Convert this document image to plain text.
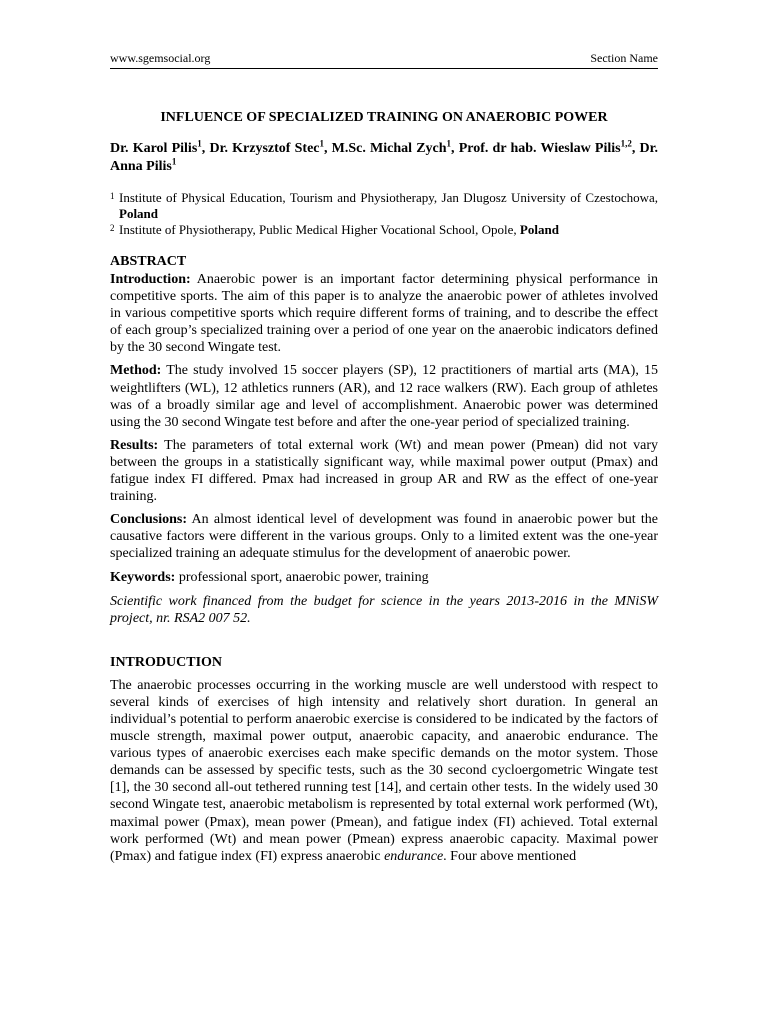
www.sgemsocial.org	Section Name
INFLUENCE OF SPECIALIZED TRAINING ON ANAEROBIC POWER
Dr. Karol Pilis$^1$, Dr. Krzysztof Stec$^1$, M.Sc. Michal Zych$^1$, Prof. dr hab. Wieslaw Pilis$^{1,2}$, Dr. Anna Pilis$^1$
1 Institute of Physical Education, Tourism and Physiotherapy, Jan Dlugosz University of Czestochowa, Poland
2 Institute of Physiotherapy, Public Medical Higher Vocational School, Opole, Poland
ABSTRACT

Introduction: Anaerobic power is an important factor determining physical performance in competitive sports. The aim of this paper is to analyze the anaerobic power of athletes involved in various competitive sports which require different forms of training, and to describe the effect of each group’s specialized training over a period of one year on the anaerobic indicators defined by the 30 second Wingate test.

Method: The study involved 15 soccer players (SP), 12 practitioners of martial arts (MA), 15 weightlifters (WL), 12 athletics runners (AR), and 12 race walkers (RW). Each group of athletes was of a broadly similar age and level of accomplishment. Anaerobic power was determined using the 30 second Wingate test before and after the one-year period of specialized training.

Results: The parameters of total external work (Wt) and mean power (Pmean) did not vary between the groups in a statistically significant way, while maximal power output (Pmax) and fatigue index FI differed. Pmax had increased in group AR and RW as the effect of one-year training.

Conclusions: An almost identical level of development was found in anaerobic power but the causative factors were different in the various groups. Only to a limited extent was the one-year specialized training an adequate stimulus for the development of anaerobic power.

Keywords: professional sport, anaerobic power, training

Scientific work financed from the budget for science in the years 2013-2016 in the MNiSW project, nr. RSA2 007 52.

INTRODUCTION

The anaerobic processes occurring in the working muscle are well understood with respect to several kinds of exercises of high intensity and relatively short duration. In general an individual’s potential to perform anaerobic exercise is considered to be indicated by the factors of muscle strength, maximal power output, anaerobic capacity, and anaerobic endurance. The various types of anaerobic exercises each make specific demands on the motor system. Those demands can be assessed by specific tests, such as the 30 second cycloergometric Wingate test [1], the 30 second all-out tethered running test [14], and certain other tests. In the widely used 30 second Wingate test, anaerobic metabolism is represented by total external work performed (Wt), maximal power (Pmax), mean power (Pmean), and fatigue index (FI) achieved. Total external work performed (Wt) and mean power (Pmean) express anaerobic capacity. Maximal power (Pmax) and fatigue index (FI) express anaerobic endurance. Four above mentioned
